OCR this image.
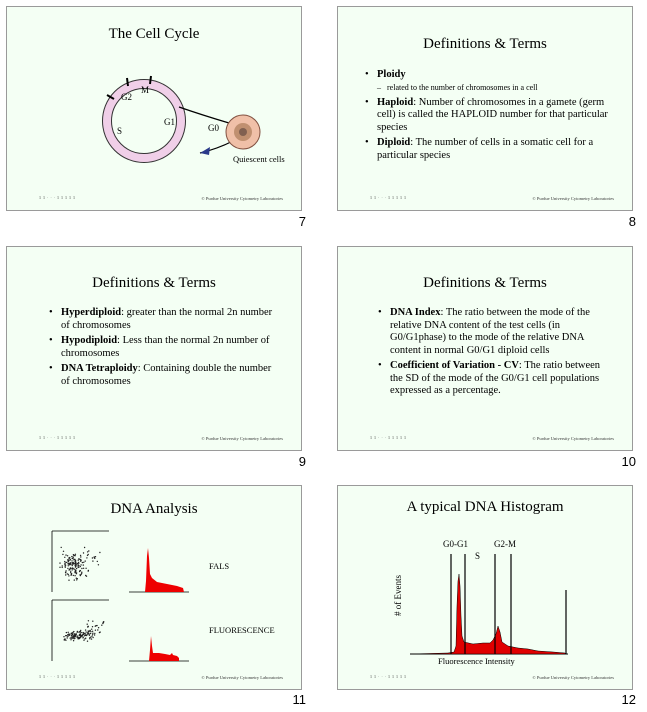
The Cell Cycle
M
G2
S
G1
G0
Quiescent cells
1 1 · · · 1 1 1 1 1	© Purdue University Cytometry Laboratories
7
Definitions & Terms
• Ploidy
– related to the number of chromosomes in a cell
• Haploid: Number of chromosomes in a gamete (germ cell) is called the HAPLOID number for that particular species
• Diploid: The number of cells in a somatic cell for a particular species
1 1 · · · 1 1 1 1 1	© Purdue University Cytometry Laboratories
8
Definitions & Terms
• Hyperdiploid: greater than the normal 2n number of chromosomes
• Hypodiploid: Less than the normal 2n number of chromosomes
• DNA Tetraploidy: Containing double the number of chromosomes
1 1 · · · 1 1 1 1 1	© Purdue University Cytometry Laboratories
9
Definitions & Terms
• DNA Index: The ratio between the mode of the relative DNA content of the test cells (in G0/G1phase) to the mode of the relative DNA content in normal G0/G1 diploid cells
• Coefficient of Variation - CV: The ratio between the SD of the mode of the G0/G1 cell populations expressed as a percentage.
1 1 · · · 1 1 1 1 1	© Purdue University Cytometry Laboratories
10
DNA Analysis
FALS
FLUORESCENCE
1 1 · · · 1 1 1 1 1	© Purdue University Cytometry Laboratories
11
A typical DNA Histogram
G0-G1
S
G2-M
# of Events
Fluorescence Intensity
1 1 · · · 1 1 1 1 1	© Purdue University Cytometry Laboratories
12
